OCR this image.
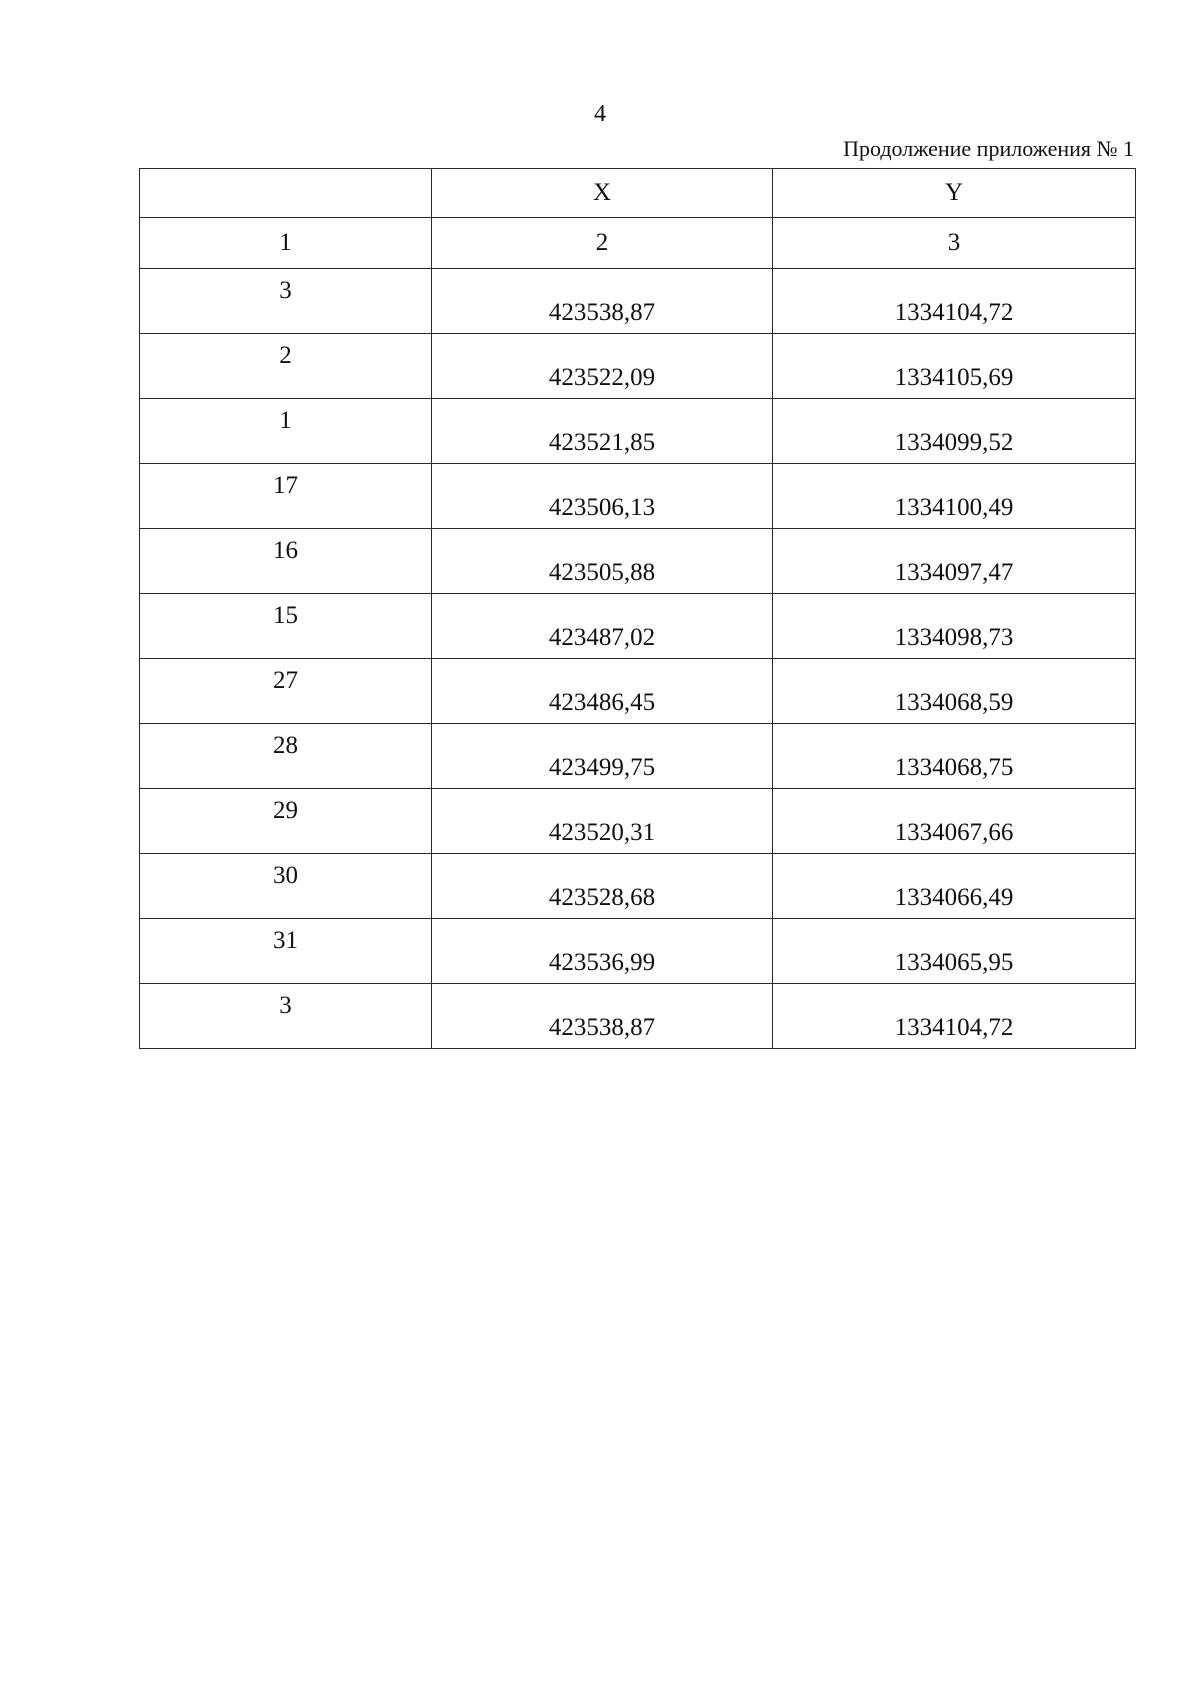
4
Продолжение приложения № 1
	X	Y
1	2	3
3	423538,87	1334104,72
2	423522,09	1334105,69
1	423521,85	1334099,52
17	423506,13	1334100,49
16	423505,88	1334097,47
15	423487,02	1334098,73
27	423486,45	1334068,59
28	423499,75	1334068,75
29	423520,31	1334067,66
30	423528,68	1334066,49
31	423536,99	1334065,95
3	423538,87	1334104,72
